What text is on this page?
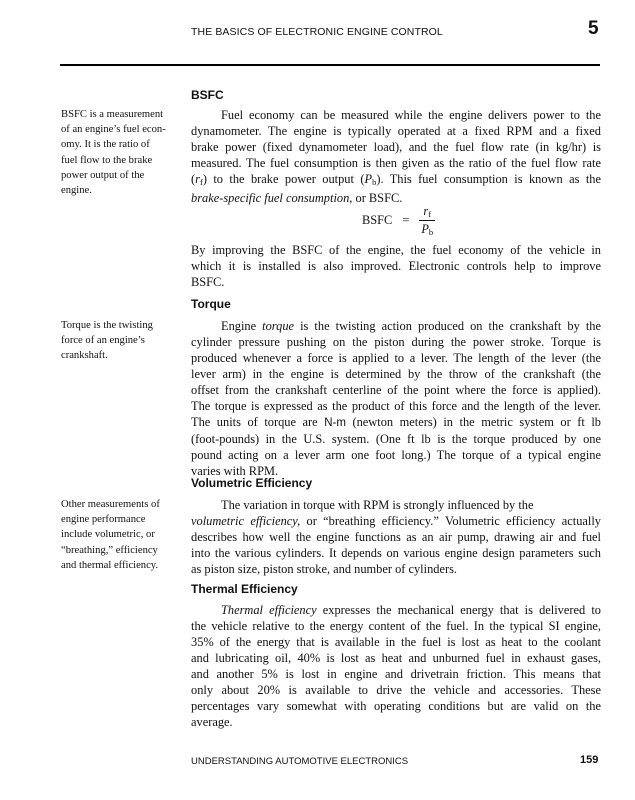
THE BASICS OF ELECTRONIC ENGINE CONTROL	5
BSFC
BSFC is a measurement
of an engine’s fuel econ-
omy. It is the ratio of
fuel flow to the brake
power output of the
engine.
Fuel economy can be measured while the engine delivers power to the
dynamometer. The engine is typically operated at a fixed RPM and a fixed
brake power (fixed dynamometer load), and the fuel flow rate (in kg/hr) is
measured. The fuel consumption is then given as the ratio of the fuel flow rate
$(r_f)$ to the brake power output $(P_b)$. This fuel consumption is known as the
brake-specific fuel consumption, or BSFC.
BSFC = $\frac{r_f}{P_b}$
By improving the BSFC of the engine, the fuel economy of the vehicle in
which it is installed is also improved. Electronic controls help to improve
BSFC.
Torque
Torque is the twisting
force of an engine’s
crankshaft.
Engine torque is the twisting action produced on the crankshaft by the
cylinder pressure pushing on the piston during the power stroke. Torque is
produced whenever a force is applied to a lever. The length of the lever (the
lever arm) in the engine is determined by the throw of the crankshaft (the
offset from the crankshaft centerline of the point where the force is applied).
The torque is expressed as the product of this force and the length of the lever.
The units of torque are N-m (newton meters) in the metric system or ft lb
(foot-pounds) in the U.S. system. (One ft lb is the torque produced by one
pound acting on a lever arm one foot long.) The torque of a typical engine
varies with RPM.
Volumetric Efficiency
Other measurements of
engine performance
include volumetric, or
“breathing,” efficiency
and thermal efficiency.
The variation in torque with RPM is strongly influenced by the
volumetric efficiency, or “breathing efficiency.” Volumetric efficiency actually
describes how well the engine functions as an air pump, drawing air and fuel
into the various cylinders. It depends on various engine design parameters such
as piston size, piston stroke, and number of cylinders.
Thermal Efficiency
Thermal efficiency expresses the mechanical energy that is delivered to
the vehicle relative to the energy content of the fuel. In the typical SI engine,
35% of the energy that is available in the fuel is lost as heat to the coolant
and lubricating oil, 40% is lost as heat and unburned fuel in exhaust gases,
and another 5% is lost in engine and drivetrain friction. This means that
only about 20% is available to drive the vehicle and accessories. These
percentages vary somewhat with operating conditions but are valid on the
average.
UNDERSTANDING AUTOMOTIVE ELECTRONICS	159
